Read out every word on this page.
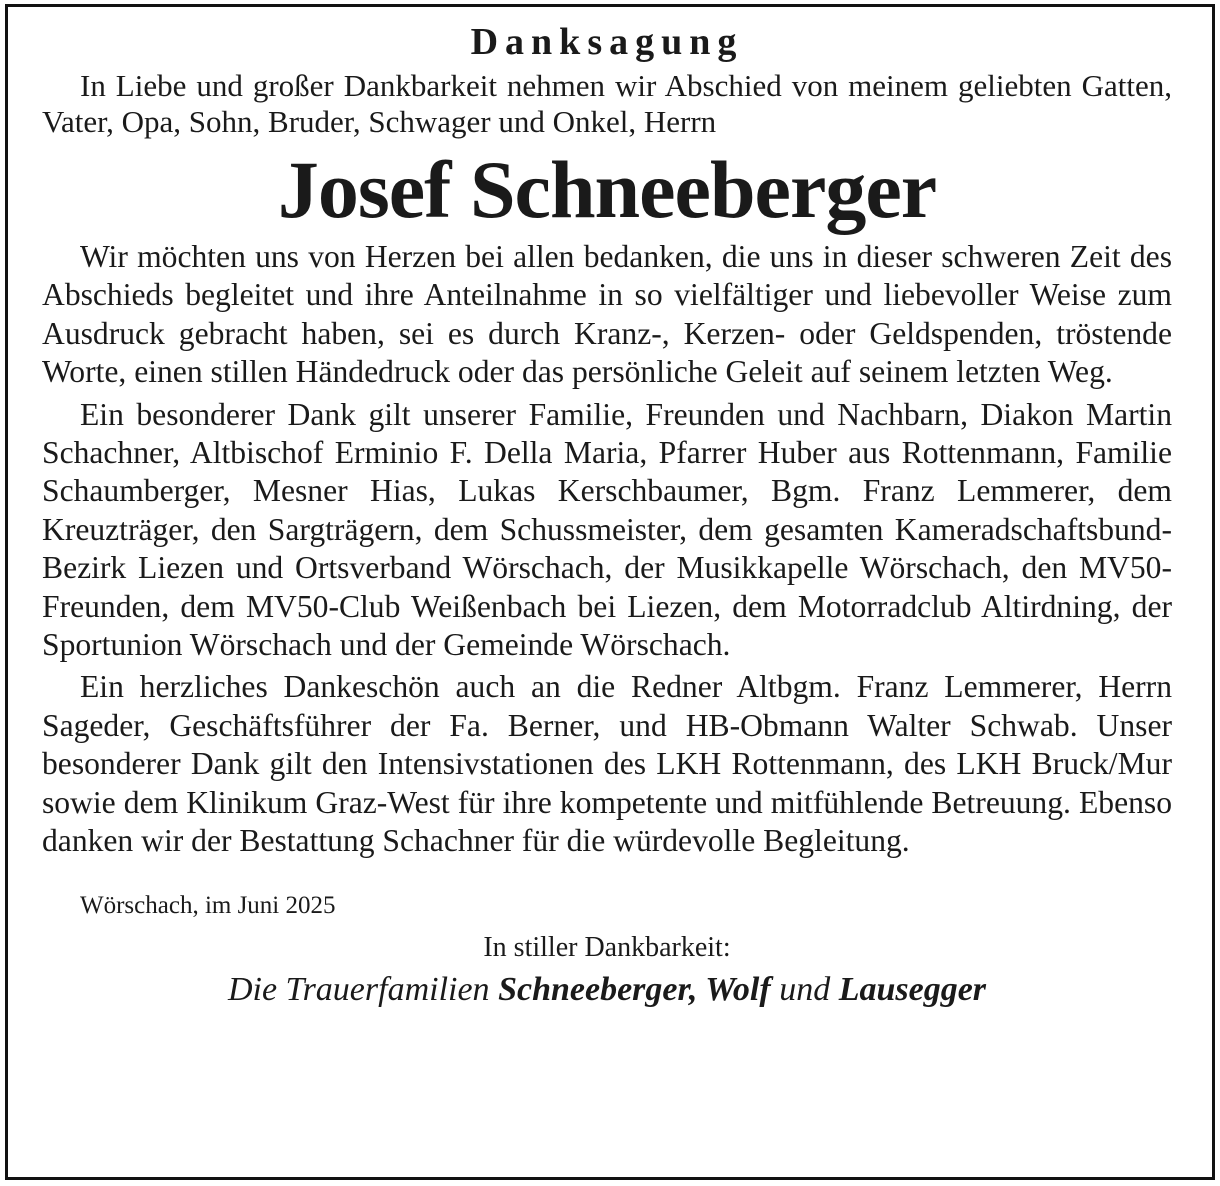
Danksagung

In Liebe und großer Dankbarkeit nehmen wir Abschied von meinem geliebten Gatten, Vater, Opa, Sohn, Bruder, Schwager und Onkel, Herrn

Josef Schneeberger

Wir möchten uns von Herzen bei allen bedanken, die uns in dieser schweren Zeit des Abschieds begleitet und ihre Anteilnahme in so vielfältiger und liebevoller Weise zum Ausdruck gebracht haben, sei es durch Kranz-, Kerzen- oder Geldspenden, tröstende Worte, einen stillen Händedruck oder das persönliche Geleit auf seinem letzten Weg.

Ein besonderer Dank gilt unserer Familie, Freunden und Nachbarn, Diakon Martin Schachner, Altbischof Erminio F. Della Maria, Pfarrer Huber aus Rottenmann, Familie Schaumberger, Mesner Hias, Lukas Kerschbaumer, Bgm. Franz Lemmerer, dem Kreuzträger, den Sargträgern, dem Schussmeister, dem gesamten Kameradschaftsbund-Bezirk Liezen und Ortsverband Wörschach, der Musikkapelle Wörschach, den MV50-Freunden, dem MV50-Club Weißenbach bei Liezen, dem Motorradclub Altirdning, der Sportunion Wörschach und der Gemeinde Wörschach.

Ein herzliches Dankeschön auch an die Redner Altbgm. Franz Lemmerer, Herrn Sageder, Geschäftsführer der Fa. Berner, und HB-Obmann Walter Schwab. Unser besonderer Dank gilt den Intensivstationen des LKH Rottenmann, des LKH Bruck/Mur sowie dem Klinikum Graz-West für ihre kompetente und mitfühlende Betreuung. Ebenso danken wir der Bestattung Schachner für die würdevolle Begleitung.

Wörschach, im Juni 2025
In stiller Dankbarkeit:
Die Trauerfamilien Schneeberger, Wolf und Lausegger
